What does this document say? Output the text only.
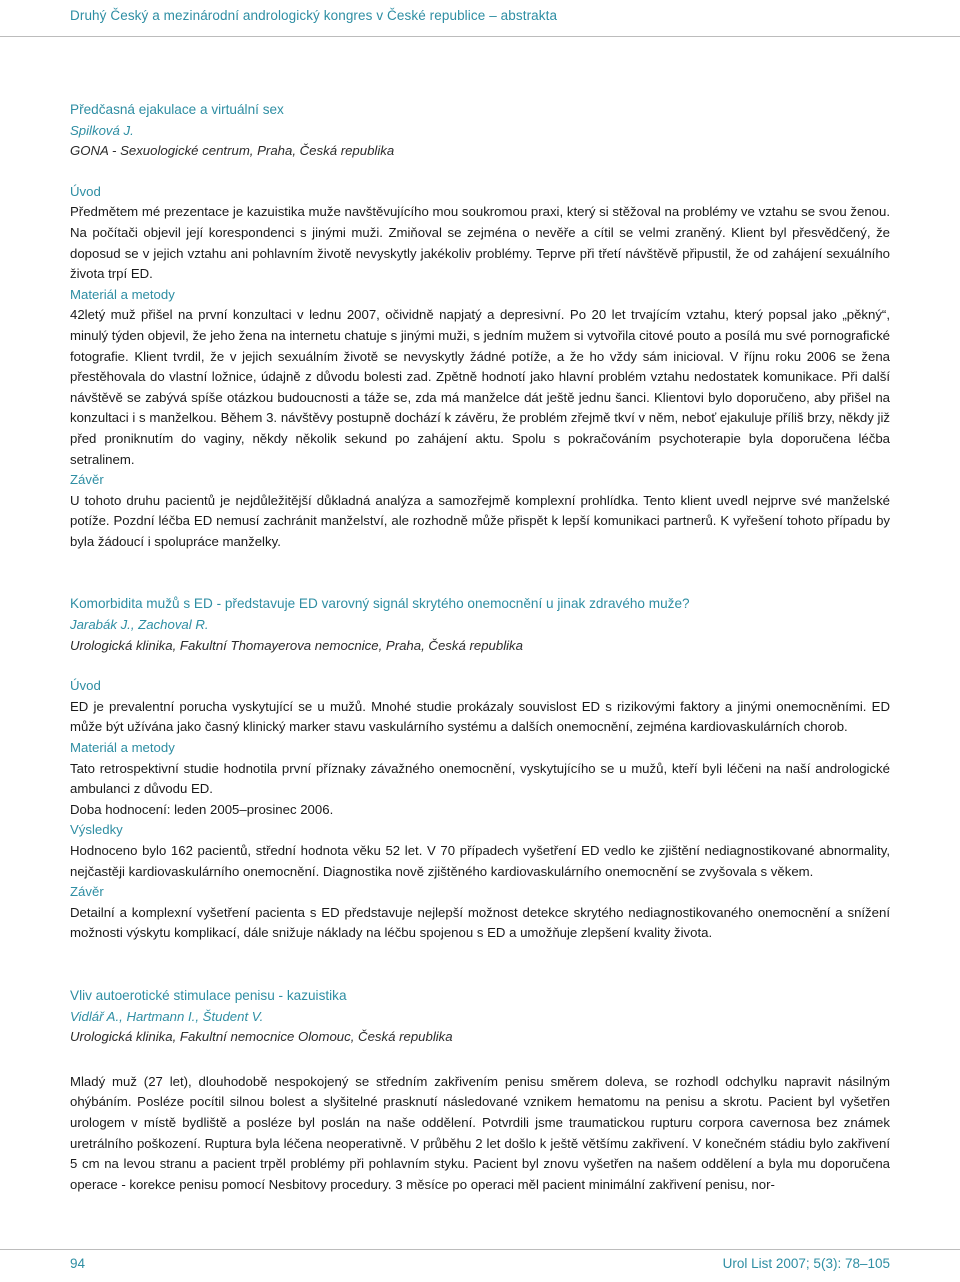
Druhý Český a mezinárodní andrologický kongres v České republice – abstrakta
Předčasná ejakulace a virtuální sex
Spilková J.
GONA - Sexuologické centrum, Praha, Česká republika
Úvod

Předmětem mé prezentace je kazuistika muže navštěvujícího mou soukromou praxi, který si stěžoval na problémy ve vztahu se svou ženou. Na počítači objevil její korespondenci s jinými muži. Zmiňoval se zejména o nevěře a cítil se velmi zraněný. Klient byl přesvědčený, že doposud se v jejich vztahu ani pohlavním životě nevyskytly jakékoliv problémy. Teprve při třetí návštěvě připustil, že od zahájení sexuálního života trpí ED.

Materiál a metody

42letý muž přišel na první konzultaci v lednu 2007, očividně napjatý a depresivní. Po 20 let trvajícím vztahu, který popsal jako „pěkný“, minulý týden objevil, že jeho žena na internetu chatuje s jinými muži, s jedním mužem si vytvořila citové pouto a posílá mu své pornografické fotografie. Klient tvrdil, že v jejich sexuálním životě se nevyskytly žádné potíže, a že ho vždy sám inicioval. V říjnu roku 2006 se žena přestěhovala do vlastní ložnice, údajně z důvodu bolesti zad. Zpětně hodnotí jako hlavní problém vztahu nedostatek komunikace. Při další návštěvě se zabývá spíše otázkou budoucnosti a táže se, zda má manželce dát ještě jednu šanci. Klientovi bylo doporučeno, aby přišel na konzultaci i s manželkou. Během 3. návštěvy postupně dochází k závěru, že problém zřejmě tkví v něm, neboť ejakuluje příliš brzy, někdy již před proniknutím do vaginy, někdy několik sekund po zahájení aktu. Spolu s pokračováním psychoterapie byla doporučena léčba setralinem.

Závěr

U tohoto druhu pacientů je nejdůležitější důkladná analýza a samozřejmě komplexní prohlídka. Tento klient uvedl nejprve své manželské potíže. Pozdní léčba ED nemusí zachránit manželství, ale rozhodně může přispět k lepší komunikaci partnerů. K vyřešení tohoto případu by byla žádoucí i spolupráce manželky.

Komorbidita mužů s ED - představuje ED varovný signál skrytého onemocnění u jinak zdravého muže?
Jarabák J., Zachoval R.
Urologická klinika, Fakultní Thomayerova nemocnice, Praha, Česká republika
Úvod

ED je prevalentní porucha vyskytující se u mužů. Mnohé studie prokázaly souvislost ED s rizikovými faktory a jinými onemocněními. ED může být užívána jako časný klinický marker stavu vaskulárního systému a dalších onemocnění, zejména kardiovaskulárních chorob.

Materiál a metody

Tato retrospektivní studie hodnotila první příznaky závažného onemocnění, vyskytujícího se u mužů, kteří byli léčeni na naší andrologické ambulanci z důvodu ED.

Doba hodnocení: leden 2005–prosinec 2006.

Výsledky

Hodnoceno bylo 162 pacientů, střední hodnota věku 52 let. V 70 případech vyšetření ED vedlo ke zjištění nediagnostikované abnormality, nejčastěji kardiovaskulárního onemocnění. Diagnostika nově zjištěného kardiovaskulárního onemocnění se zvyšovala s věkem.

Závěr

Detailní a komplexní vyšetření pacienta s ED představuje nejlepší možnost detekce skrytého nediagnostikovaného onemocnění a snížení možnosti výskytu komplikací, dále snižuje náklady na léčbu spojenou s ED a umožňuje zlepšení kvality života.

Vliv autoerotické stimulace penisu - kazuistika
Vidlář A., Hartmann I., Študent V.
Urologická klinika, Fakultní nemocnice Olomouc, Česká republika

Mladý muž (27 let), dlouhodobě nespokojený se středním zakřivením penisu směrem doleva, se rozhodl odchylku napravit násilným ohýbáním. Posléze pocítil silnou bolest a slyšitelné prasknutí následované vznikem hematomu na penisu a skrotu. Pacient byl vyšetřen urologem v místě bydliště a posléze byl poslán na naše oddělení. Potvrdili jsme traumatickou rupturu corpora cavernosa bez známek uretrálního poškození. Ruptura byla léčena neoperativně. V průběhu 2 let došlo k ještě většímu zakřivení. V konečném stádiu bylo zakřivení 5 cm na levou stranu a pacient trpěl problémy při pohlavním styku. Pacient byl znovu vyšetřen na našem oddělení a byla mu doporučena operace - korekce penisu pomocí Nesbitovy procedury. 3 měsíce po operaci měl pacient minimální zakřivení penisu, nor-

94	Urol List 2007; 5(3): 78–105
